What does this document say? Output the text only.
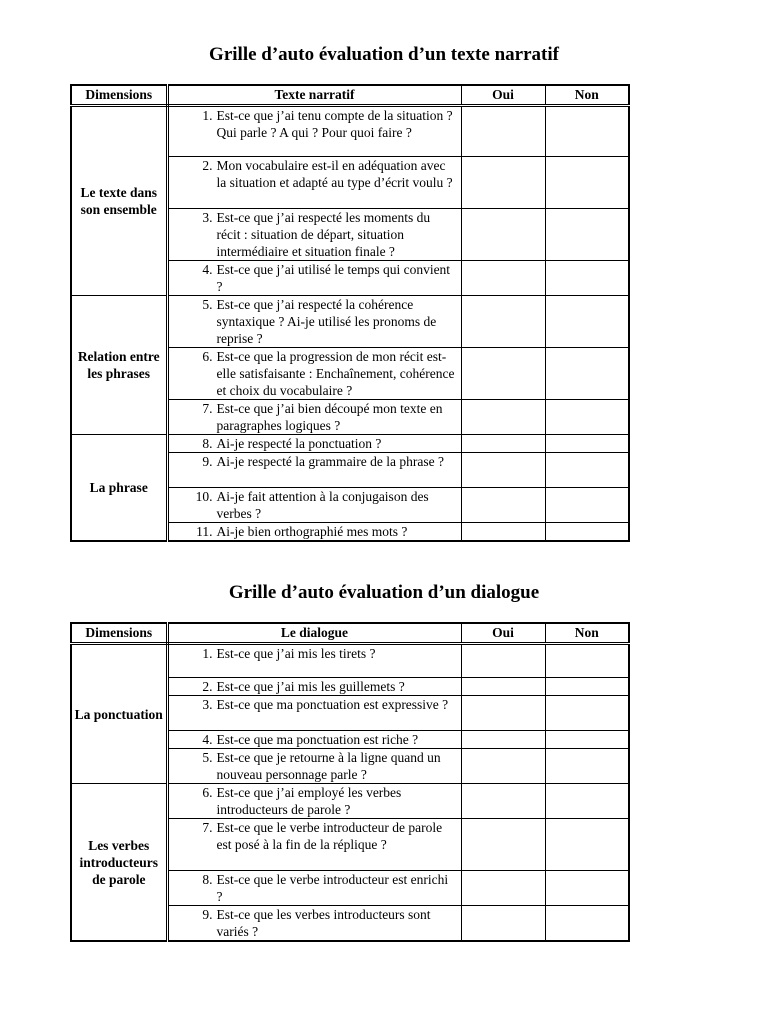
Grille d’auto évaluation d’un texte narratif
Dimensions	Texte narratif	Oui	Non
Le texte dans son ensemble	1. Est-ce que j’ai tenu compte de la situation ?
Qui parle ? A qui ? Pour quoi faire ?		

	2. Mon vocabulaire est-il en adéquation avec la situation et adapté au type d’écrit voulu ?		

	3. Est-ce que j’ai respecté les moments du récit : situation de départ, situation intermédiaire et situation finale ?		

	4. Est-ce que j’ai utilisé le temps qui convient ?		

Relation entre les phrases	5. Est-ce que j’ai respecté la cohérence syntaxique ? Ai-je utilisé les pronoms de reprise ?		

	6. Est-ce que la progression de mon récit est-elle satisfaisante : Enchaînement, cohérence et choix du vocabulaire ?		

	7. Est-ce que j’ai bien découpé mon texte en paragraphes logiques ?		

La phrase	8. Ai-je respecté la ponctuation ?		

	9. Ai-je respecté la grammaire de la phrase ?		

	10. Ai-je fait attention à la conjugaison des verbes ?		

	11. Ai-je bien orthographié mes mots ?		

Grille d’auto évaluation d’un dialogue
Dimensions	Le dialogue	Oui	Non
La ponctuation	1. Est-ce que j’ai mis les tirets ?		

	2. Est-ce que j’ai mis les guillemets ?		

	3. Est-ce que ma ponctuation est expressive ?		

	4. Est-ce que ma ponctuation est riche ?		

	5. Est-ce que je retourne à la ligne quand un nouveau personnage parle ?		

Les verbes introducteurs de parole	6. Est-ce que j’ai employé les verbes introducteurs de parole ?		

	7. Est-ce que le verbe introducteur de parole est posé à la fin de la réplique ?		

	8. Est-ce que le verbe introducteur est enrichi ?		

	9. Est-ce que les verbes introducteurs sont variés ?		
